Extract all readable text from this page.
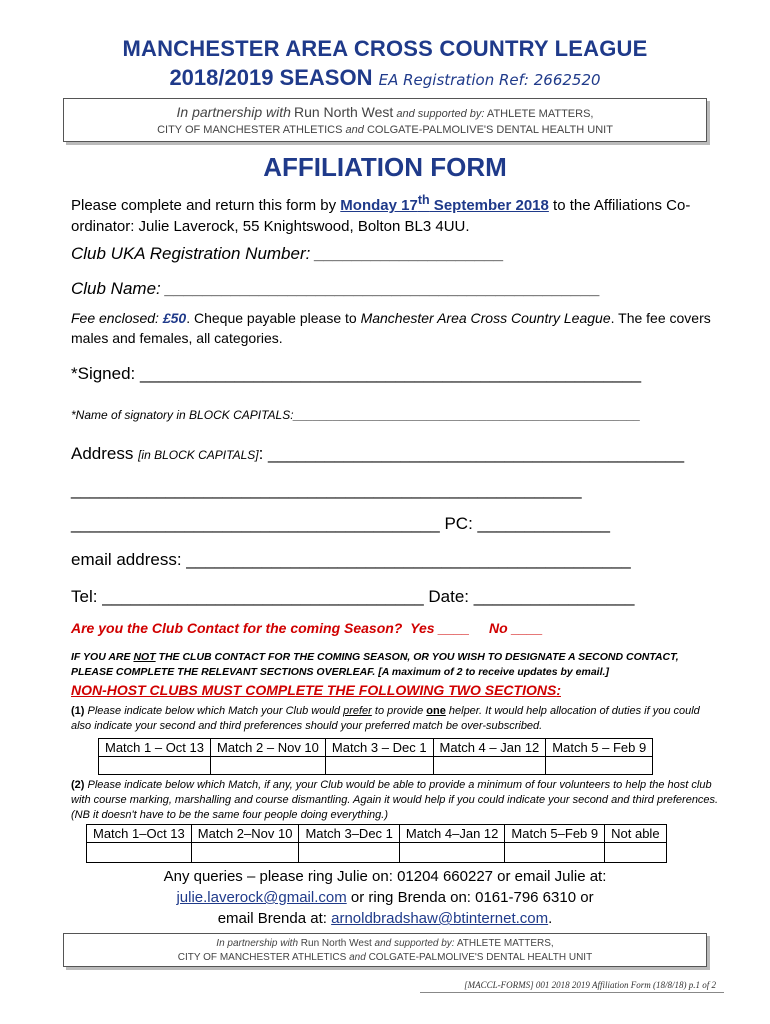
MANCHESTER AREA CROSS COUNTRY LEAGUE
2018/2019 SEASON EA Registration Ref: 2662520
In partnership with Run North West and supported by: ATHLETE MATTERS,
CITY OF MANCHESTER ATHLETICS and COLGATE-PALMOLIVE'S DENTAL HEALTH UNIT
AFFILIATION FORM
Please complete and return this form by Monday 17th September 2018 to the Affiliations Co-ordinator: Julie Laverock, 55 Knightswood, Bolton BL3 4UU.
Club UKA Registration Number: ____________________
Club Name: ______________________________________________
Fee enclosed: £50. Cheque payable please to Manchester Area Cross Country League. The fee covers males and females, all categories.
*Signed: _____________________________________________________
*Name of signatory in BLOCK CAPITALS:____________________________________________________
Address [in BLOCK CAPITALS]: ____________________________________________
______________________________________________________
_______________________________________ PC: ______________
email address: _______________________________________________
Tel: __________________________________ Date: _________________
Are you the Club Contact for the coming Season? Yes ____ No ____
IF YOU ARE NOT THE CLUB CONTACT FOR THE COMING SEASON, OR YOU WISH TO DESIGNATE A SECOND CONTACT, PLEASE COMPLETE THE RELEVANT SECTIONS OVERLEAF. [A maximum of 2 to receive updates by email.]
NON-HOST CLUBS MUST COMPLETE THE FOLLOWING TWO SECTIONS:
(1) Please indicate below which Match your Club would prefer to provide one helper. It would help allocation of duties if you could also indicate your second and third preferences should your preferred match be over-subscribed.
Match 1 – Oct 13	Match 2 – Nov 10	Match 3 – Dec 1	Match 4 – Jan 12	Match 5 – Feb 9

(2) Please indicate below which Match, if any, your Club would be able to provide a minimum of four volunteers to help the host club with course marking, marshalling and course dismantling. Again it would help if you could indicate your second and third preferences. (NB it doesn't have to be the same four people doing everything.)
Match 1–Oct 13	Match 2–Nov 10	Match 3–Dec 1	Match 4–Jan 12	Match 5–Feb 9	Not able

Any queries – please ring Julie on: 01204 660227 or email Julie at:
julie.laverock@gmail.com or ring Brenda on: 0161-796 6310 or
email Brenda at: arnoldbradshaw@btinternet.com.
In partnership with Run North West and supported by: ATHLETE MATTERS,
CITY OF MANCHESTER ATHLETICS and COLGATE-PALMOLIVE'S DENTAL HEALTH UNIT
[MACCL-FORMS] 001 2018 2019 Affiliation Form (18/8/18) p.1 of 2
